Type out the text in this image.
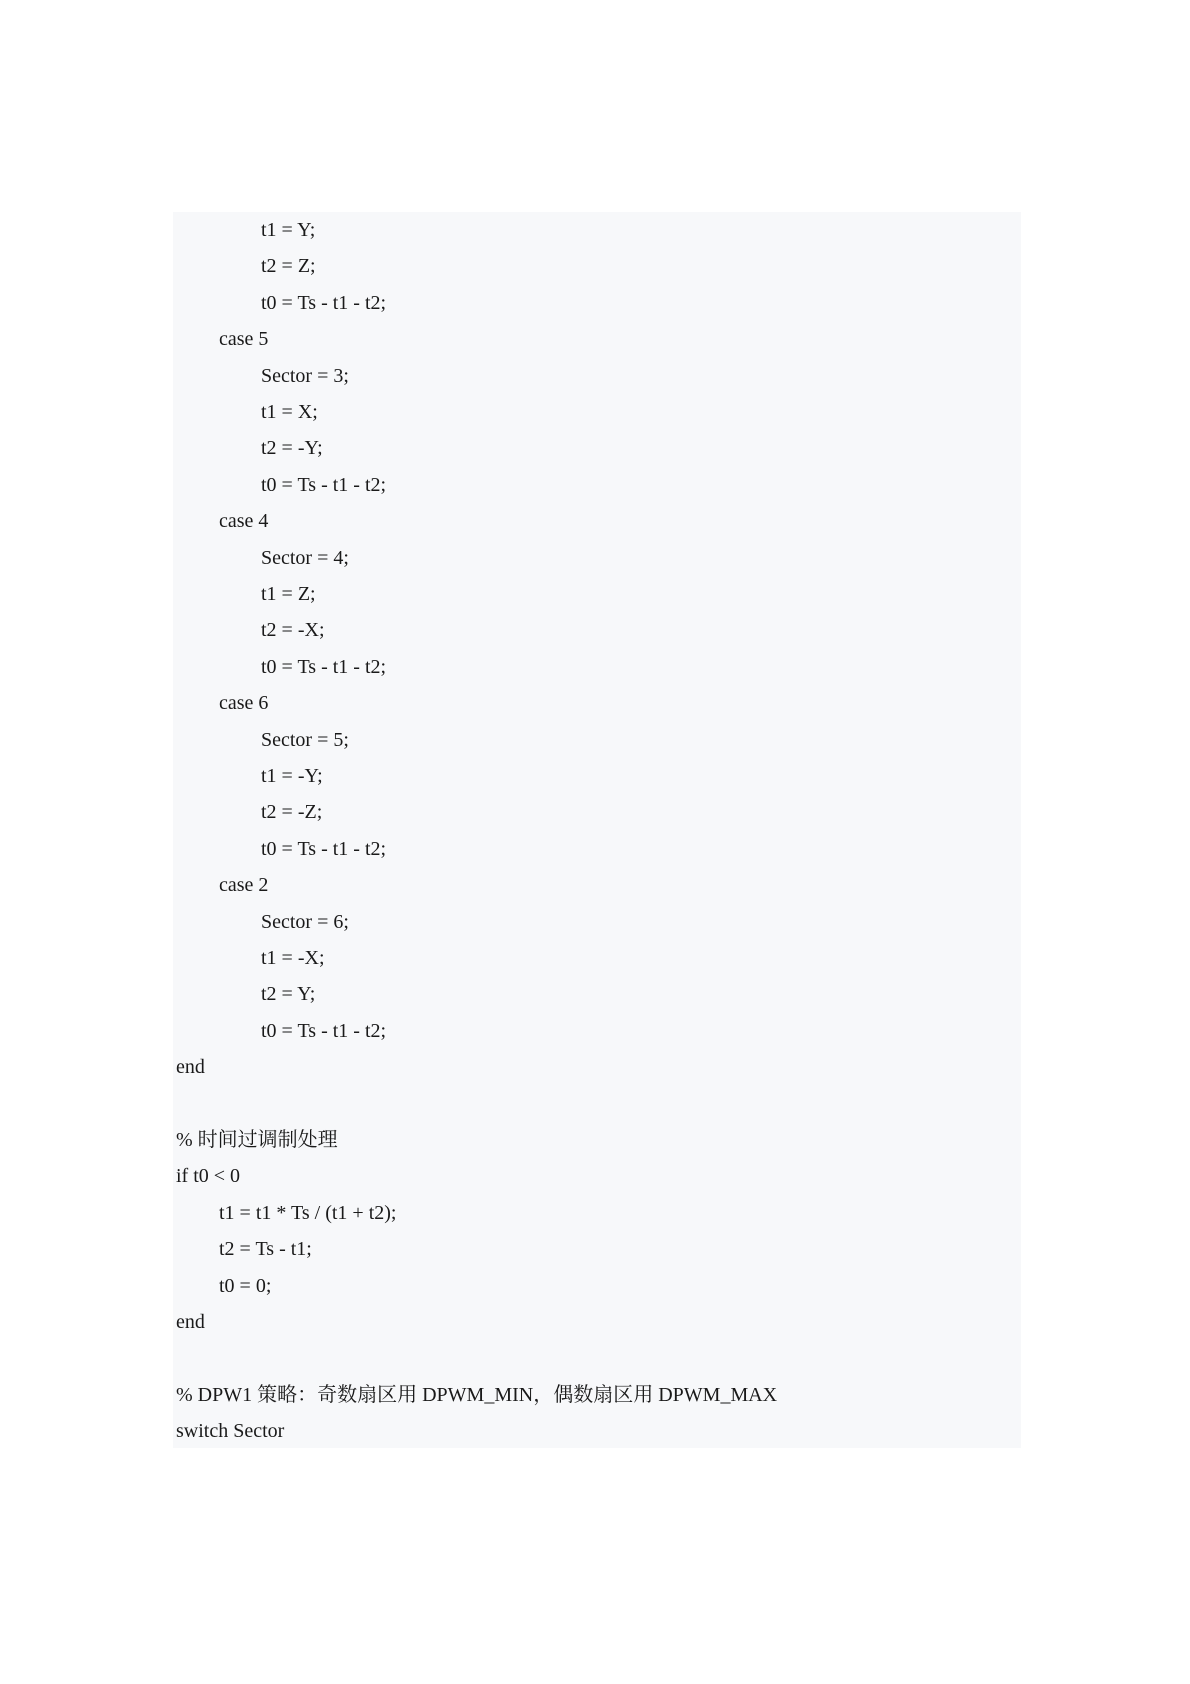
t1 = Y;
t2 = Z;
t0 = Ts - t1 - t2;
case 5
Sector = 3;
t1 = X;
t2 = -Y;
t0 = Ts - t1 - t2;
case 4
Sector = 4;
t1 = Z;
t2 = -X;
t0 = Ts - t1 - t2;
case 6
Sector = 5;
t1 = -Y;
t2 = -Z;
t0 = Ts - t1 - t2;
case 2
Sector = 6;
t1 = -X;
t2 = Y;
t0 = Ts - t1 - t2;
end
% 时间过调制处理
if t0 < 0
t1 = t1 * Ts / (t1 + t2);
t2 = Ts - t1;
t0 = 0;
end
% DPW1 策略：奇数扇区用 DPWM_MIN，偶数扇区用 DPWM_MAX
switch Sector
